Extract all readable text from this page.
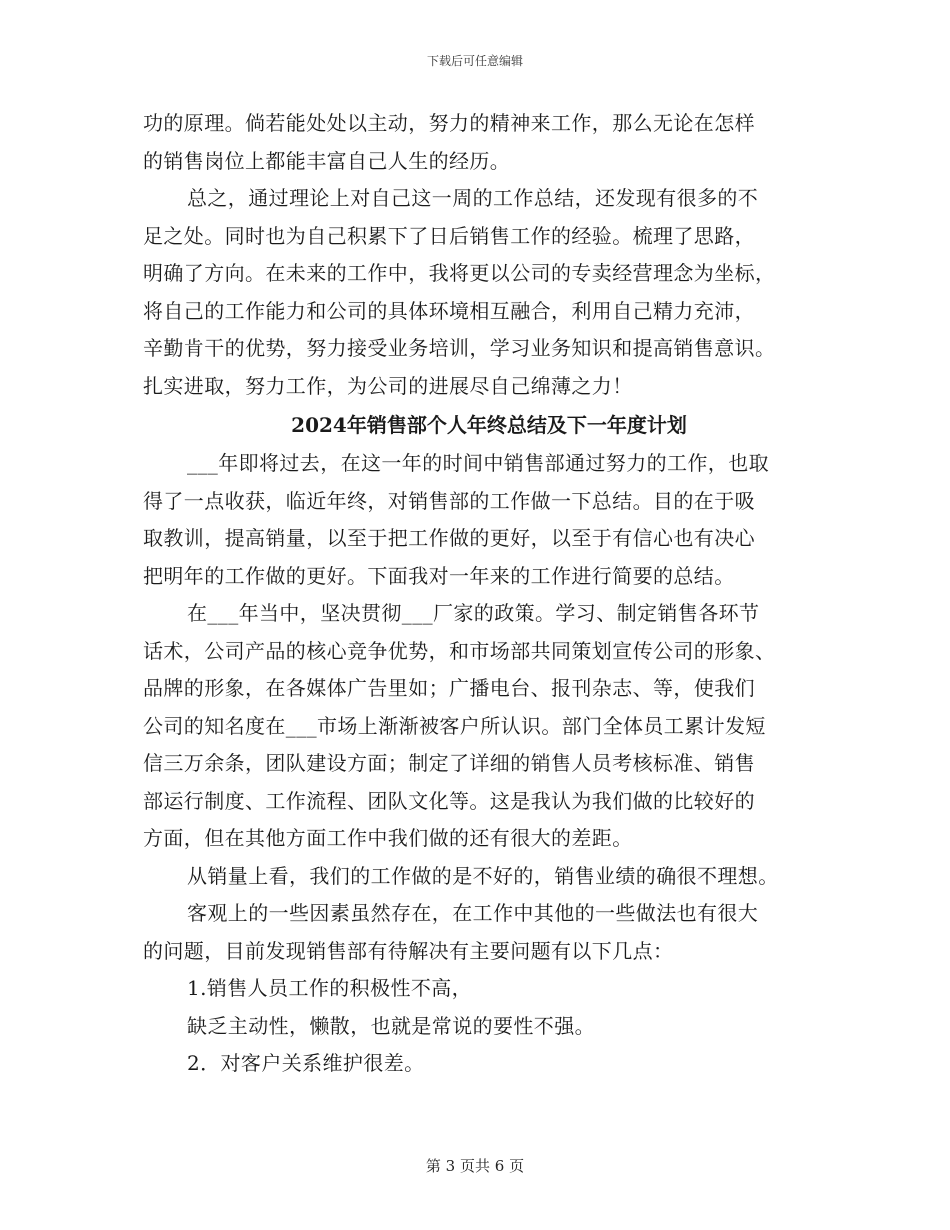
下载后可任意编辑
功的原理。倘若能处处以主动，努力的精神来工作，那么无论在怎样
的销售岗位上都能丰富自己人生的经历。
总之，通过理论上对自己这一周的工作总结，还发现有很多的不
足之处。同时也为自己积累下了日后销售工作的经验。梳理了思路，
明确了方向。在未来的工作中，我将更以公司的专卖经营理念为坐标，
将自己的工作能力和公司的具体环境相互融合，利用自己精力充沛，
辛勤肯干的优势，努力接受业务培训，学习业务知识和提高销售意识。
扎实进取，努力工作，为公司的进展尽自己绵薄之力！
2024年销售部个人年终总结及下一年度计划
___年即将过去，在这一年的时间中销售部通过努力的工作，也取
得了一点收获，临近年终，对销售部的工作做一下总结。目的在于吸
取教训，提高销量，以至于把工作做的更好，以至于有信心也有决心
把明年的工作做的更好。下面我对一年来的工作进行简要的总结。
在___年当中，坚决贯彻___厂家的政策。学习、制定销售各环节
话术，公司产品的核心竞争优势，和市场部共同策划宣传公司的形象、
品牌的形象，在各媒体广告里如；广播电台、报刊杂志、等，使我们
公司的知名度在___市场上渐渐被客户所认识。部门全体员工累计发短
信三万余条，团队建设方面；制定了详细的销售人员考核标准、销售
部运行制度、工作流程、团队文化等。这是我认为我们做的比较好的
方面，但在其他方面工作中我们做的还有很大的差距。
从销量上看，我们的工作做的是不好的，销售业绩的确很不理想。
客观上的一些因素虽然存在，在工作中其他的一些做法也有很大
的问题，目前发现销售部有待解决有主要问题有以下几点：
1.销售人员工作的积极性不高，
缺乏主动性，懒散，也就是常说的要性不强。
2．对客户关系维护很差。
第 3 页共 6 页
